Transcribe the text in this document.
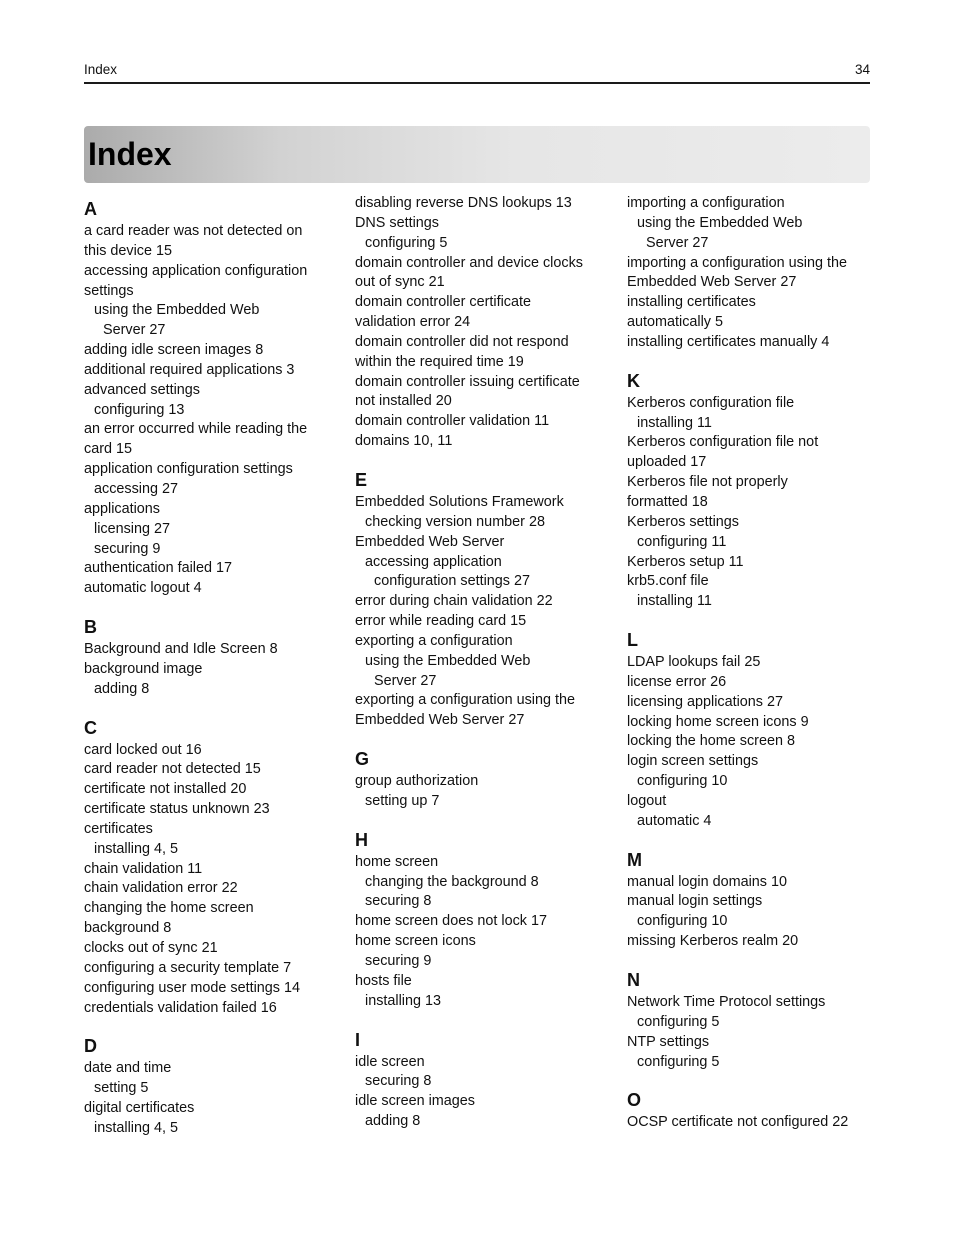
Index	34
Index
A
a card reader was not detected on
this device 15
accessing application configuration
settings
using the Embedded Web
Server 27
adding idle screen images 8
additional required applications 3
advanced settings
configuring 13
an error occurred while reading the
card 15
application configuration settings
accessing 27
applications
licensing 27
securing 9
authentication failed 17
automatic logout 4
B
Background and Idle Screen 8
background image
adding 8
C
card locked out 16
card reader not detected 15
certificate not installed 20
certificate status unknown 23
certificates
installing 4, 5
chain validation 11
chain validation error 22
changing the home screen
background 8
clocks out of sync 21
configuring a security template 7
configuring user mode settings 14
credentials validation failed 16
D
date and time
setting 5
digital certificates
installing 4, 5
disabling reverse DNS lookups 13
DNS settings
configuring 5
domain controller and device clocks
out of sync 21
domain controller certificate
validation error 24
domain controller did not respond
within the required time 19
domain controller issuing certificate
not installed 20
domain controller validation 11
domains 10, 11
E
Embedded Solutions Framework
checking version number 28
Embedded Web Server
accessing application
configuration settings 27
error during chain validation 22
error while reading card 15
exporting a configuration
using the Embedded Web
Server 27
exporting a configuration using the
Embedded Web Server 27
G
group authorization
setting up 7
H
home screen
changing the background 8
securing 8
home screen does not lock 17
home screen icons
securing 9
hosts file
installing 13
I
idle screen
securing 8
idle screen images
adding 8
importing a configuration
using the Embedded Web
Server 27
importing a configuration using the
Embedded Web Server 27
installing certificates
automatically 5
installing certificates manually 4
K
Kerberos configuration file
installing 11
Kerberos configuration file not
uploaded 17
Kerberos file not properly
formatted 18
Kerberos settings
configuring 11
Kerberos setup 11
krb5.conf file
installing 11
L
LDAP lookups fail 25
license error 26
licensing applications 27
locking home screen icons 9
locking the home screen 8
login screen settings
configuring 10
logout
automatic 4
M
manual login domains 10
manual login settings
configuring 10
missing Kerberos realm 20
N
Network Time Protocol settings
configuring 5
NTP settings
configuring 5
O
OCSP certificate not configured 22
